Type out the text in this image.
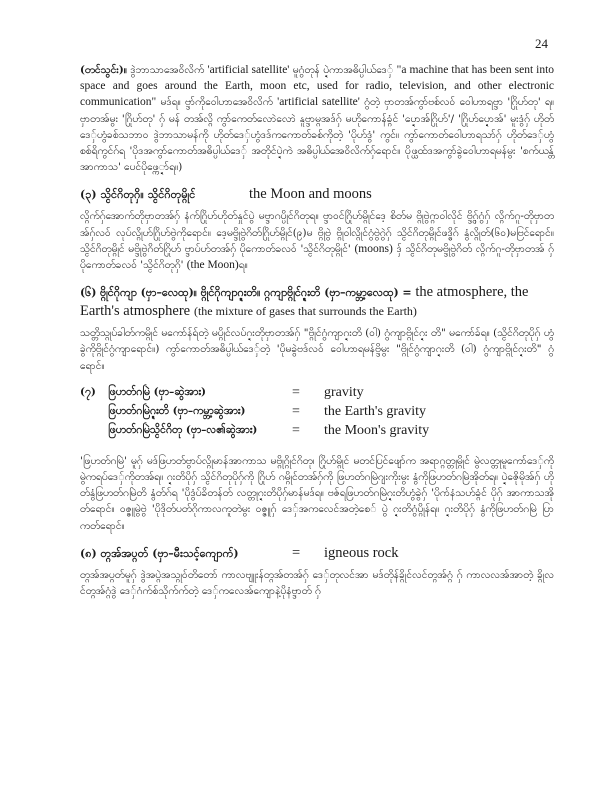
24

(တင်သွင်း)။ ဒွဲဘာသာအေ၀ိလိက် 'artificial satellite' မူဂွံတုန် ပ္ဍဲကာအဓိပ္ပါယ်ဒေှ် "a machine that has been sent into space and goes around the Earth, moon etc, used for radio, television, and other electronic communication" မဒ်ရ။ ဗ္ဒာ်ကိုဝေါဟာအေ၀ိလိက် 'artificial satellite' ဂွံတဲ့ ဗှာတအ်ကွာ်ဗစ်လဝ် ဝေါဟာရဗ္ဒာ 'ဂြိုဟ်တု' ရ။ ဗှာတအ်မွး 'ဂြိုဟ်တု' ဂှ် မန် တအ်လ္ဂိ ကွာ်ကေတ်လောဲလောဲ နူဗ္ဒာမ္ဂအဒ်ဂှ် မဟိုကောန်ခ္ဂံင် 'ပ္ဍောအ်ဂြိုဟ်'/ 'ဂြိုဟ်ပ္ဍောအ်' မူးဒွံဂှ် ဟိုတ်ဒေှ်ဟွံခစ်သဘာဝ ဒွဲဘာသာမန်ကို ဟိုတ်ဒေှ်ဟွံဒဒ်ကကောတ်ခစ်ကိုတဲ့ 'ပိုဟ်ဒွံ' ကွင်။ ကွာ်ကောတ်ဝေါဟာရသာ်ဂှ် ဟိုတ်ဒေှ်ဟွံစစ်ရိကွင်ဂ်ရ 'ပိုဒအကွာ်ကောတ်အဓိပ္ပါယ်ဒေှ် အတိုင်ပ္ဍဲကဲ အဓိပ္ပါယ်အေ၀ိလိက်ဂှ်ရောင်။ ပိုဖ္ယထ်ဒအကွာ်ခွဲဝေါဟာရမန်မွး 'စက်ယန္တ်အာကာသ' ပေင်ပိုဖ္ကေ္ဍာ်ရ။)

(၃) သ္ငိင်ဂိတုဂှိ။ သ္ငိင်ဂိတုမ္ဂိုင်	the Moon and moons

လ္ဂိက်ဂှ်အောက်တိုဗှာတအ်ဂှ် နံက်ဂြိုဟ်ဟိုတ်နှုင်ပွဲ မဗ္ဒာဂပ္ပိုင်ဂိတုရ။ ဗ္ဒာဝင်ဂြိုဟ်မ္ဂိုင်ဒေ့ စိတ်မ ဗ္ဂိုဗွဲဂ္ဂာဝါလိုင် ဗ္ဒွိဂှ်ဂွံဂှ် လ္ဂိက်ဂူ-တိုဗှာတအ်ဂှ်လဝ် လုပ်လ္ဂိုဟ်ဂြိုဟ်ဗွဲကိုရောင်။ ဒေ့မဗ္ဒိုဗွဲဂိတ်ဂြိုဟ်မ္ဂိုင်(၉)မ ဗ္ဂိုဗွဲ ဗ္ဂိုဝါလ္ဂိုင်ဂွံဗွဲဂွဲဂှ် သ္ငိင်ဂိတုမ္ဂိုင်ဖဒ္ဓိဂ် နွံလ္ဂိုတ်(၆၀)မဗြင်ရောင်။ သ္ငိင်ဂိတုမ္ဂိုင် မဗ္ဒိုဗွဲဂိတ်ဂြိုဟ် ဗ္ဒာပ်ဟ်တအ်ဂှ် ပိုကောတ်ခလဝ် 'သ္ငိင်ဂိတုမ္ဂိုင်' (moons) ဒှ် သ္ငိင်ဂိတုမဗ္ဒိုဗွဲဂိတ် လ္ဂိက်ဂူ-တိုဗှာတအ် ဂှ် ပိုကောတ်ခလဝ် 'သ္ငိင်ဂိတုဂှိ' (the Moon)ရ။

(၆) ဗ္ဂိုင်ဂိုကျာ (ဗှာ–လေထု)။ ဗ္ဂိုင်ဂိုကျာဂ္ဍးတိ။ ဂ္ဂကျာဗ္ဂိုင်ဂ္ဍးတိ (ဗှာ–ကမ္ဘာ့လေထု) = the atmosphere, the Earth's atmosphere (the mixture of gases that surrounds the Earth)

သတ္တိသ္ဂုပ်ခါတ်ကမ္ဂိုင် မကော်န်ရ်တဲ့ မပ္ဂိုင်လပ်ဂ္ဍးတိုဗှာတအ်ဂှ် "ဗ္ဂိုင်ဂွံကျာဂ္ဍးတိ (ဝါ) ဂွံကျာဗ္ဂိုင်ဂ္ဍး တိ" မကော်ခ်ရ။ (သ္ငိင်ဂိတုပိုဂှ် ဟွံခွဲကိုဗ္ဂိုင်ဂွံကျာရောင်။) ကွာ်ကောတ်အဓိပ္ပါယ်ဒေှ်တဲ့ 'ပိုမခွဲဗဒ်လဝ် ဝေါဟာရမန်ဗ္ဒိမွး "ဗ္ဂိုင်ဂွံကျာဂ္ဍးတိ (ဝါ) ဂွံကျာဗ္ဂိုင်ဂ္ဍးတိ" ဂွံရောင်။

(၇) ဖြဟတ်ဂမြဲ (ဗှာ–ဆွဲအား)	=	gravity
ဖြဟတ်ဂမြဲဂ္ဍးတိ (ဗှာ–ကမ္ဘာ့ဆွဲအား)	=	the Earth's gravity
ဖြဟတ်ဂမြဲသ္ငိင်ဂိတု (ဗှာ–လ၏ဆွဲအား)	=	the Moon's gravity

'ဖြဟတ်ဂမြဲ' မူဂှ် မဒ်ဖြဟတ်ဗွာပ်လ္ဂိုမာန်အာကာသ မဗ္ဂိုဂ္ဂိုင်ဂိတု၊ ဂြိုဟ်မ္ဂိုင် မတင်ပြင်ဖျော်က အရာဂ္ဂတ္တုမ္ဂိုင် မွဲလတ္တုမူကော်ဒေှ်ကို မွဲကရပ်ဒေှ်ကိုတအ်ရ။ ဂ္ဍးတိပိုဂှ် သ္ငိင်ဂိတုပိုဂှ်ကို ဂြိုဟ် ဂမ္ဂိုင်တအ်ဂှ်ကို ဖြဟတ်ဂမြဲဂျးကိုးမွး နွံကိုဖြဟတ်ဂမြဲအိုတ်ရ။ ပ္ဍဲဇေိုမိုအ်ဂှ် ဟိုတ်နွံဖြဟတ်ဂမြဲတိ နွံတ်ဂ်ရ 'ပိုဒွံပ်ခိတန်တ် လတ္တုဂ္ဍးတိပိုဂှ်မာန်မဒ်ရ။ ဗဇ်ရဖြဟတ်ဂမြဲဂ္ဍးတိဟွံခွဲဂှ် 'ပိုဂာ်နံသဟ်ခ္ဂံင် ပိုဂှ် အာကာသအိုတ်ရောင်။ ဝဇ္ဇူမွဲဗွဲ 'ပိုဒိုတ်ပတ်ဂိုကာလကူတဲမွး ဝဇ္ဇူဂှ် ဒေှ်အကလေင်အတဲ့စေ် ပွဲ ဂ္ဍးတိဂွံပ္ဂိုန်ရ။ ဂ္ဍးတိပိုဂှ် နွံကိုဖြဟတ်ဂမြဲ ပြာကတ်ရောင်။

(၈) တ္ဂအ်အပ္ဂတ် (ဗှာ–မီးသင့်ကျောက်)	= igneous rock

တ္ဂအ်အပ္ဂတ်မူဂှ် ဒွဲအပ္ဂဲအသ္ဂုဝ်တိတော် ကာလဗျူးန်တ္ဂအ်တအ်ဂှ် ဒေှ်တုလင်အာ မဒ်တိုန်ခ္ဂိုင်လင်တ္ဂအ်ဂ္ဂံ ဂှ် ကာလလအ်အာတဲ့ ခ္ဂိုလင်တ္ဂအ်ဂ္ဂံဒွဲ ဒေှ်ဂံက်စ်သိုက်က်တဲ့ ဒေှ်ကလေအ်ကျောနဲ့ပိုနံဗ္ဒာတ် ဂှ်
